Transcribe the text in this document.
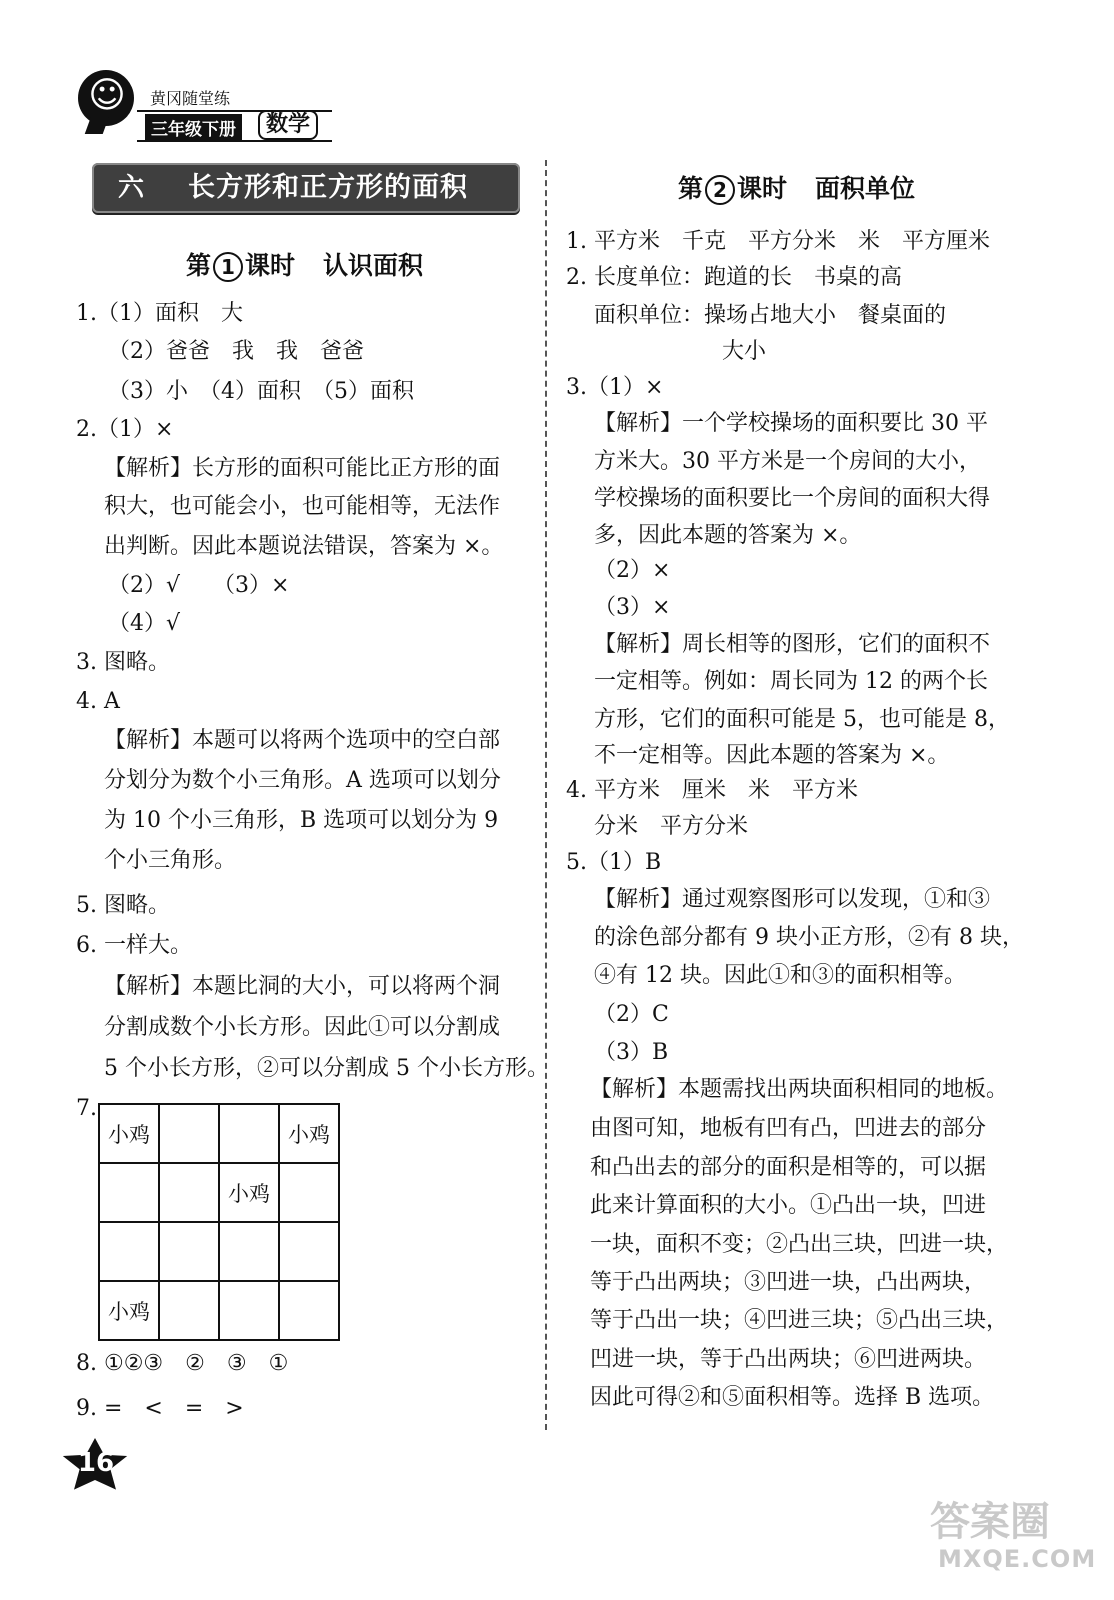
☺ 黄冈随堂练
三年级下册	数学
六 长方形和正方形的面积
第 1 课时 认识面积
1.（1）面积　大
（2）爸爸　我　我　爸爸
（3）小　（4）面积　（5）面积
2.（1）×
【解析】长方形的面积可能比正方形的面
积大，也可能会小，也可能相等，无法作
出判断。因此本题说法错误，答案为 ×。
（2）√　　（3）×
（4）√
3. 图略。
4. A
【解析】本题可以将两个选项中的空白部
分划分为数个小三角形。A 选项可以划分
为 10 个小三角形，B 选项可以划分为 9
个小三角形。
5. 图略。
6. 一样大。
【解析】本题比洞的大小，可以将两个洞
分割成数个小长方形。因此①可以分割成
5 个小长方形，②可以分割成 5 个小长方形。
7.
小鸡			小鸡
		小鸡	

小鸡			
8. ①②③　②　③　①
9. =　<　=　>
第 2 课时 面积单位
1. 平方米　千克　平方分米　米　平方厘米
2. 长度单位：跑道的长　书桌的高
面积单位：操场占地大小　餐桌面的
大小
3.（1）×
【解析】一个学校操场的面积要比 30 平
方米大。30 平方米是一个房间的大小，
学校操场的面积要比一个房间的面积大得
多，因此本题的答案为 ×。
（2）×
（3）×
【解析】周长相等的图形，它们的面积不
一定相等。例如：周长同为 12 的两个长
方形，它们的面积可能是 5，也可能是 8，
不一定相等。因此本题的答案为 ×。
4. 平方米　厘米　米　平方米
分米　平方分米
5.（1）B
【解析】通过观察图形可以发现，①和③
的涂色部分都有 9 块小正方形，②有 8 块，
④有 12 块。因此①和③的面积相等。
（2）C
（3）B
【解析】本题需找出两块面积相同的地板。
由图可知，地板有凹有凸，凹进去的部分
和凸出去的部分的面积是相等的，可以据
此来计算面积的大小。①凸出一块，凹进
一块，面积不变；②凸出三块，凹进一块，
等于凸出两块；③凹进一块，凸出两块，
等于凸出一块；④凹进三块；⑤凸出三块，
凹进一块，等于凸出两块；⑥凹进两块。
因此可得②和⑤面积相等。选择 B 选项。
16
答案圈
MXQE.COM
